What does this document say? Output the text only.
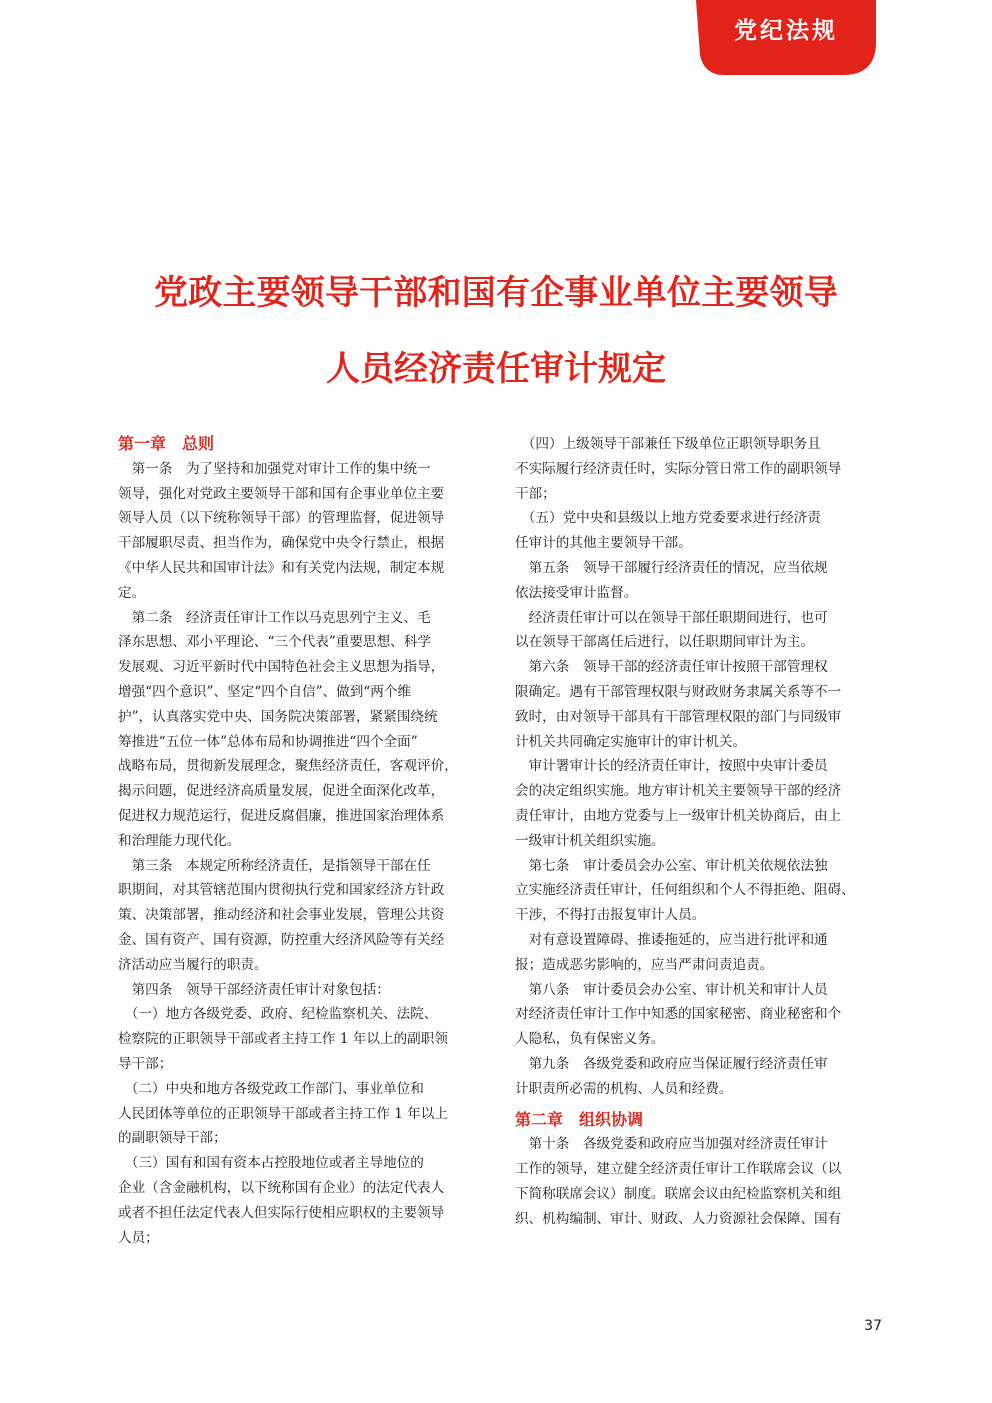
党纪法规
党政主要领导干部和国有企事业单位主要领导
人员经济责任审计规定
第一章　总则
　第一条　为了坚持和加强党对审计工作的集中统一
领导，强化对党政主要领导干部和国有企事业单位主要
领导人员（以下统称领导干部）的管理监督，促进领导
干部履职尽责、担当作为，确保党中央令行禁止，根据
《中华人民共和国审计法》和有关党内法规，制定本规
定。
　第二条　经济责任审计工作以马克思列宁主义、毛
泽东思想、邓小平理论、“三个代表”重要思想、科学
发展观、习近平新时代中国特色社会主义思想为指导，
增强“四个意识”、坚定“四个自信”、做到“两个维
护”，认真落实党中央、国务院决策部署，紧紧围绕统
筹推进“五位一体”总体布局和协调推进“四个全面”
战略布局，贯彻新发展理念，聚焦经济责任，客观评价，
揭示问题，促进经济高质量发展，促进全面深化改革，
促进权力规范运行，促进反腐倡廉，推进国家治理体系
和治理能力现代化。
　第三条　本规定所称经济责任，是指领导干部在任
职期间，对其管辖范围内贯彻执行党和国家经济方针政
策、决策部署，推动经济和社会事业发展，管理公共资
金、国有资产、国有资源，防控重大经济风险等有关经
济活动应当履行的职责。
　第四条　领导干部经济责任审计对象包括：
　（一）地方各级党委、政府、纪检监察机关、法院、
检察院的正职领导干部或者主持工作 1 年以上的副职领
导干部；
　（二）中央和地方各级党政工作部门、事业单位和
人民团体等单位的正职领导干部或者主持工作 1 年以上
的副职领导干部；
　（三）国有和国有资本占控股地位或者主导地位的
企业（含金融机构，以下统称国有企业）的法定代表人
或者不担任法定代表人但实际行使相应职权的主要领导
人员；
　（四）上级领导干部兼任下级单位正职领导职务且
不实际履行经济责任时，实际分管日常工作的副职领导
干部；
　（五）党中央和县级以上地方党委要求进行经济责
任审计的其他主要领导干部。
　第五条　领导干部履行经济责任的情况，应当依规
依法接受审计监督。
　经济责任审计可以在领导干部任职期间进行，也可
以在领导干部离任后进行，以任职期间审计为主。
　第六条　领导干部的经济责任审计按照干部管理权
限确定。遇有干部管理权限与财政财务隶属关系等不一
致时，由对领导干部具有干部管理权限的部门与同级审
计机关共同确定实施审计的审计机关。
　审计署审计长的经济责任审计，按照中央审计委员
会的决定组织实施。地方审计机关主要领导干部的经济
责任审计，由地方党委与上一级审计机关协商后，由上
一级审计机关组织实施。
　第七条　审计委员会办公室、审计机关依规依法独
立实施经济责任审计，任何组织和个人不得拒绝、阻碍、
干涉，不得打击报复审计人员。
　对有意设置障碍、推诿拖延的，应当进行批评和通
报；造成恶劣影响的，应当严肃问责追责。
　第八条　审计委员会办公室、审计机关和审计人员
对经济责任审计工作中知悉的国家秘密、商业秘密和个
人隐私，负有保密义务。
　第九条　各级党委和政府应当保证履行经济责任审
计职责所必需的机构、人员和经费。
第二章　组织协调
　第十条　各级党委和政府应当加强对经济责任审计
工作的领导，建立健全经济责任审计工作联席会议（以
下简称联席会议）制度。联席会议由纪检监察机关和组
织、机构编制、审计、财政、人力资源社会保障、国有
37
